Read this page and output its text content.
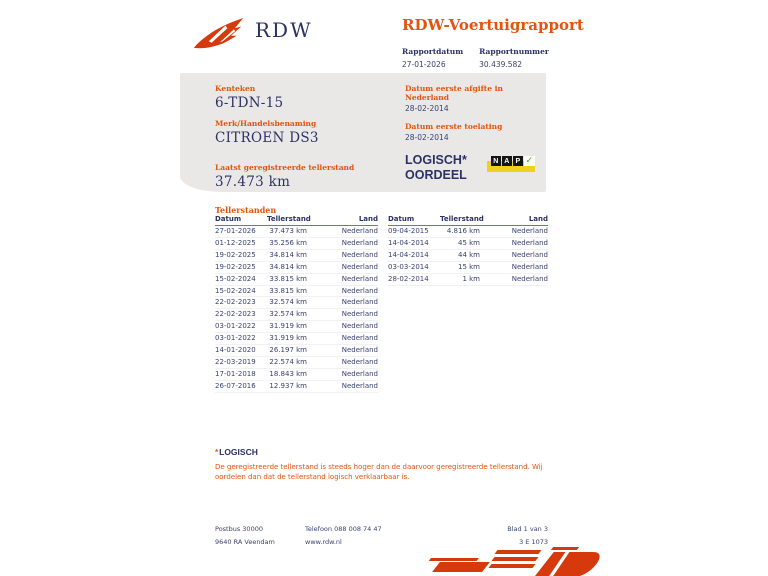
RDW	RDW-Voertuigrapport
Rapportdatum
27-01-2026
Rapportnummer
30.439.582
Kenteken
6-TDN-15
Merk/Handelsbenaming
CITROEN DS3
Laatst geregistreerde tellerstand
37.473 km
Datum eerste afgifte in Nederland
28-02-2014
Datum eerste toelating
28-02-2014
LOGISCH*
OORDEEL
N A P ✓
Tellerstanden
Datum	Tellerstand	Land
27-01-2026	37.473 km	Nederland
01-12-2025	35.256 km	Nederland
19-02-2025	34.814 km	Nederland
19-02-2025	34.814 km	Nederland
15-02-2024	33.815 km	Nederland
15-02-2024	33.815 km	Nederland
22-02-2023	32.574 km	Nederland
22-02-2023	32.574 km	Nederland
03-01-2022	31.919 km	Nederland
03-01-2022	31.919 km	Nederland
14-01-2020	26.197 km	Nederland
22-03-2019	22.574 km	Nederland
17-01-2018	18.843 km	Nederland
26-07-2016	12.937 km	Nederland
Datum	Tellerstand	Land
09-04-2015	4.816 km	Nederland
14-04-2014	45 km	Nederland
14-04-2014	44 km	Nederland
03-03-2014	15 km	Nederland
28-02-2014	1 km	Nederland
*LOGISCH
De geregistreerde tellerstand is steeds hoger dan de daarvoor geregistreerde tellerstand. Wij oordelen dan dat de tellerstand logisch verklaarbaar is.
Postbus 30000
9640 RA Veendam
Telefoon 088 008 74 47
www.rdw.nl
Blad 1 van 3
3 E 1073
